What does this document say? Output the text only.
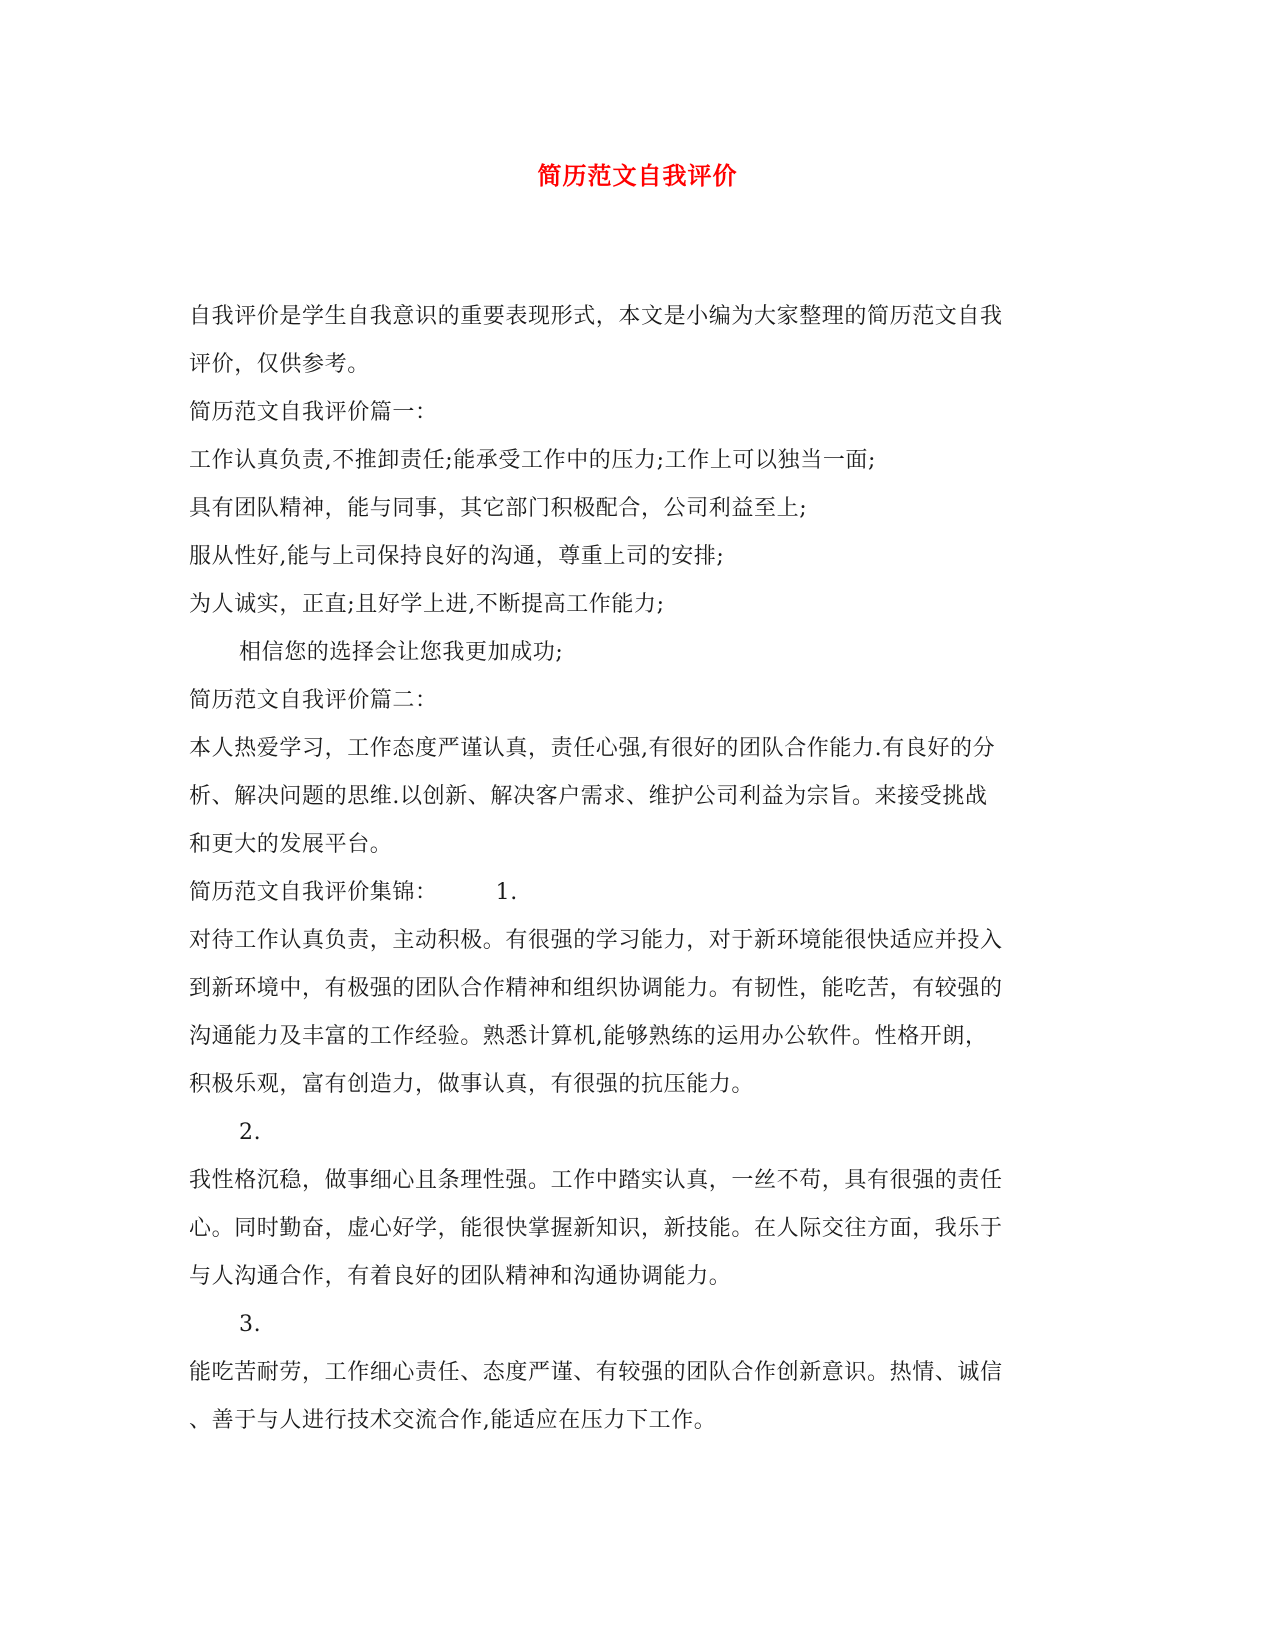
简历范文自我评价
自我评价是学生自我意识的重要表现形式，本文是小编为大家整理的简历范文自我
评价，仅供参考。
简历范文自我评价篇一：
工作认真负责,不推卸责任;能承受工作中的压力;工作上可以独当一面;
具有团队精神，能与同事，其它部门积极配合，公司利益至上;
服从性好,能与上司保持良好的沟通，尊重上司的安排;
为人诚实，正直;且好学上进,不断提高工作能力;
相信您的选择会让您我更加成功;
简历范文自我评价篇二：
本人热爱学习，工作态度严谨认真，责任心强,有很好的团队合作能力.有良好的分
析、解决问题的思维.以创新、解决客户需求、维护公司利益为宗旨。来接受挑战
和更大的发展平台。
简历范文自我评价集锦：	1.
对待工作认真负责，主动积极。有很强的学习能力，对于新环境能很快适应并投入
到新环境中，有极强的团队合作精神和组织协调能力。有韧性，能吃苦，有较强的
沟通能力及丰富的工作经验。熟悉计算机,能够熟练的运用办公软件。性格开朗，
积极乐观，富有创造力，做事认真，有很强的抗压能力。
2.
我性格沉稳，做事细心且条理性强。工作中踏实认真，一丝不苟，具有很强的责任
心。同时勤奋，虚心好学，能很快掌握新知识，新技能。在人际交往方面，我乐于
与人沟通合作，有着良好的团队精神和沟通协调能力。
3.
能吃苦耐劳，工作细心责任、态度严谨、有较强的团队合作创新意识。热情、诚信
、善于与人进行技术交流合作,能适应在压力下工作。
